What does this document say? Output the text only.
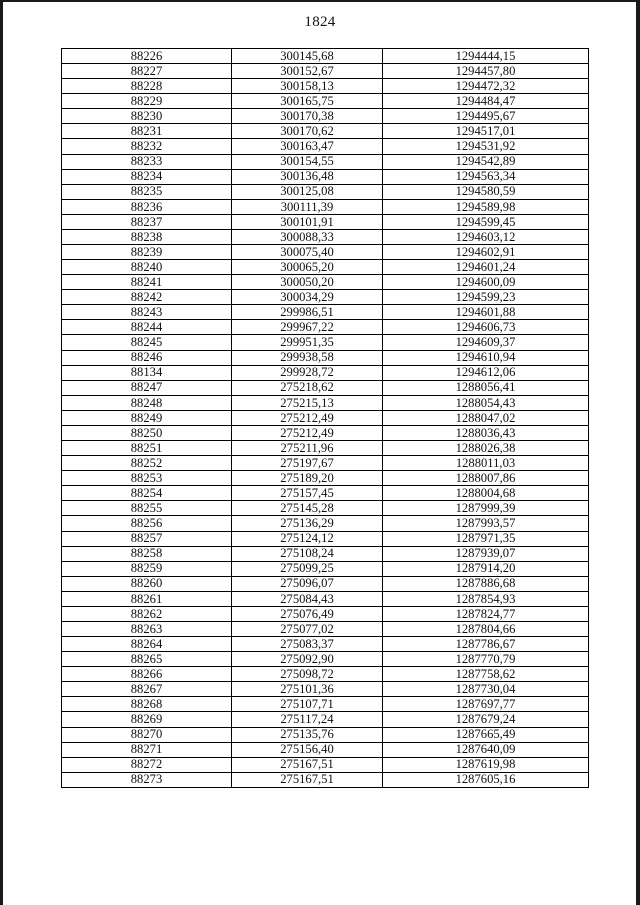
1824
88226	300145,68	1294444,15
88227	300152,67	1294457,80
88228	300158,13	1294472,32
88229	300165,75	1294484,47
88230	300170,38	1294495,67
88231	300170,62	1294517,01
88232	300163,47	1294531,92
88233	300154,55	1294542,89
88234	300136,48	1294563,34
88235	300125,08	1294580,59
88236	300111,39	1294589,98
88237	300101,91	1294599,45
88238	300088,33	1294603,12
88239	300075,40	1294602,91
88240	300065,20	1294601,24
88241	300050,20	1294600,09
88242	300034,29	1294599,23
88243	299986,51	1294601,88
88244	299967,22	1294606,73
88245	299951,35	1294609,37
88246	299938,58	1294610,94
88134	299928,72	1294612,06
88247	275218,62	1288056,41
88248	275215,13	1288054,43
88249	275212,49	1288047,02
88250	275212,49	1288036,43
88251	275211,96	1288026,38
88252	275197,67	1288011,03
88253	275189,20	1288007,86
88254	275157,45	1288004,68
88255	275145,28	1287999,39
88256	275136,29	1287993,57
88257	275124,12	1287971,35
88258	275108,24	1287939,07
88259	275099,25	1287914,20
88260	275096,07	1287886,68
88261	275084,43	1287854,93
88262	275076,49	1287824,77
88263	275077,02	1287804,66
88264	275083,37	1287786,67
88265	275092,90	1287770,79
88266	275098,72	1287758,62
88267	275101,36	1287730,04
88268	275107,71	1287697,77
88269	275117,24	1287679,24
88270	275135,76	1287665,49
88271	275156,40	1287640,09
88272	275167,51	1287619,98
88273	275167,51	1287605,16
